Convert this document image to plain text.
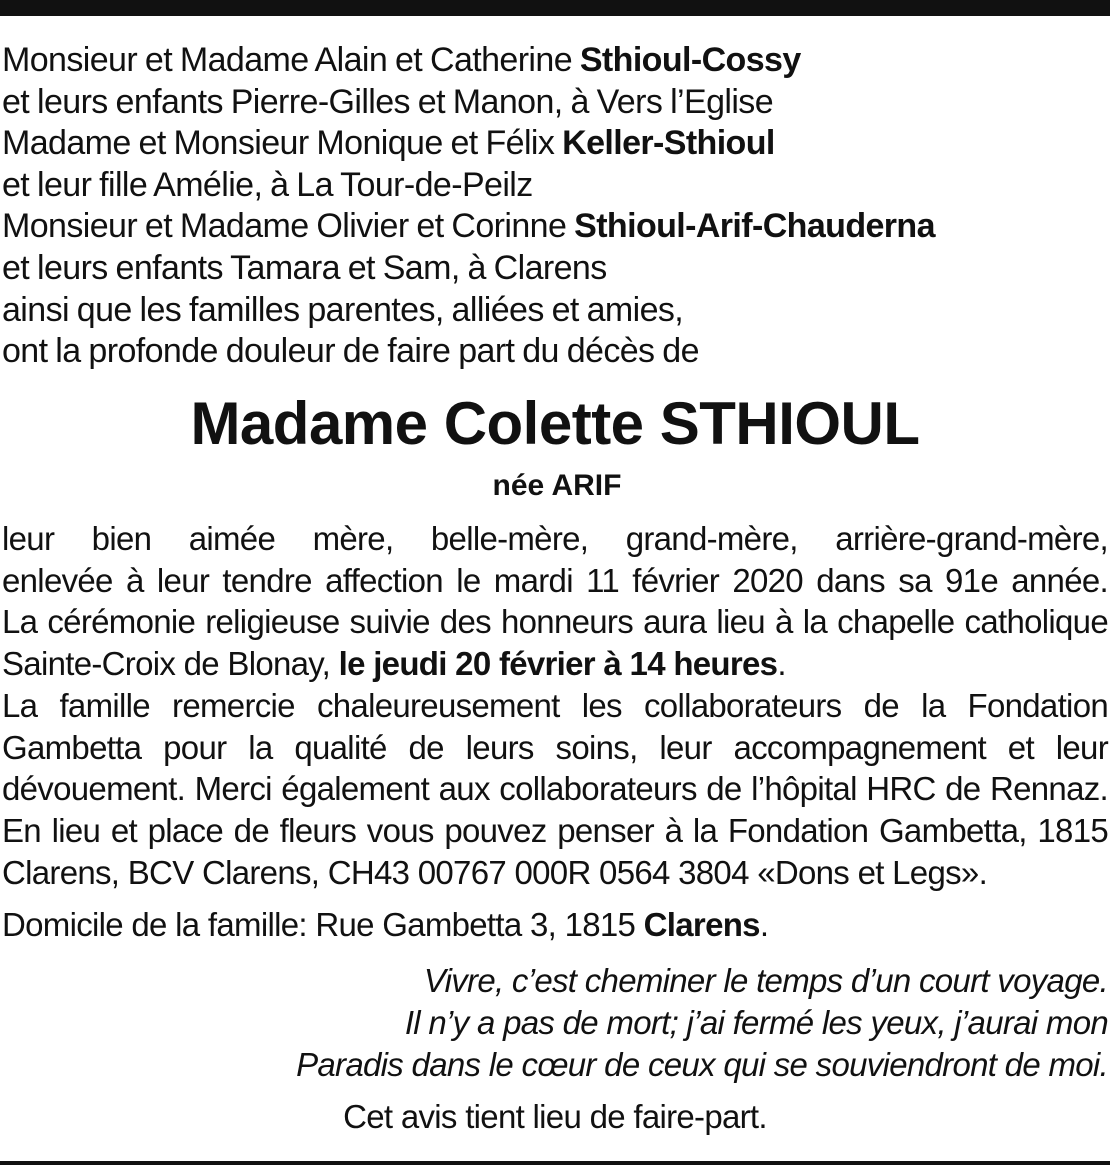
Monsieur et Madame Alain et Catherine Sthioul-Cossy
et leurs enfants Pierre-Gilles et Manon, à Vers l’Eglise
Madame et Monsieur Monique et Félix Keller-Sthioul
et leur fille Amélie, à La Tour-de-Peilz
Monsieur et Madame Olivier et Corinne Sthioul-Arif-Chauderna
et leurs enfants Tamara et Sam, à Clarens
ainsi que les familles parentes, alliées et amies,
ont la profonde douleur de faire part du décès de
Madame Colette STHIOUL
née ARIF
leur bien aimée mère, belle-mère, grand-mère, arrière-grand-mère,
enlevée à leur tendre affection le mardi 11 février 2020 dans sa 91e année.
La cérémonie religieuse suivie des honneurs aura lieu à la chapelle catholique
Sainte-Croix de Blonay, le jeudi 20 février à 14 heures.
La famille remercie chaleureusement les collaborateurs de la Fondation
Gambetta pour la qualité de leurs soins, leur accompagnement et leur
dévouement. Merci également aux collaborateurs de l’hôpital HRC de Rennaz.
En lieu et place de fleurs vous pouvez penser à la Fondation Gambetta, 1815
Clarens, BCV Clarens, CH43 00767 000R 0564 3804 «Dons et Legs».
Domicile de la famille: Rue Gambetta 3, 1815 Clarens.
Vivre, c’est cheminer le temps d’un court voyage.
Il n’y a pas de mort; j’ai fermé les yeux, j’aurai mon
Paradis dans le cœur de ceux qui se souviendront de moi.
Cet avis tient lieu de faire-part.
